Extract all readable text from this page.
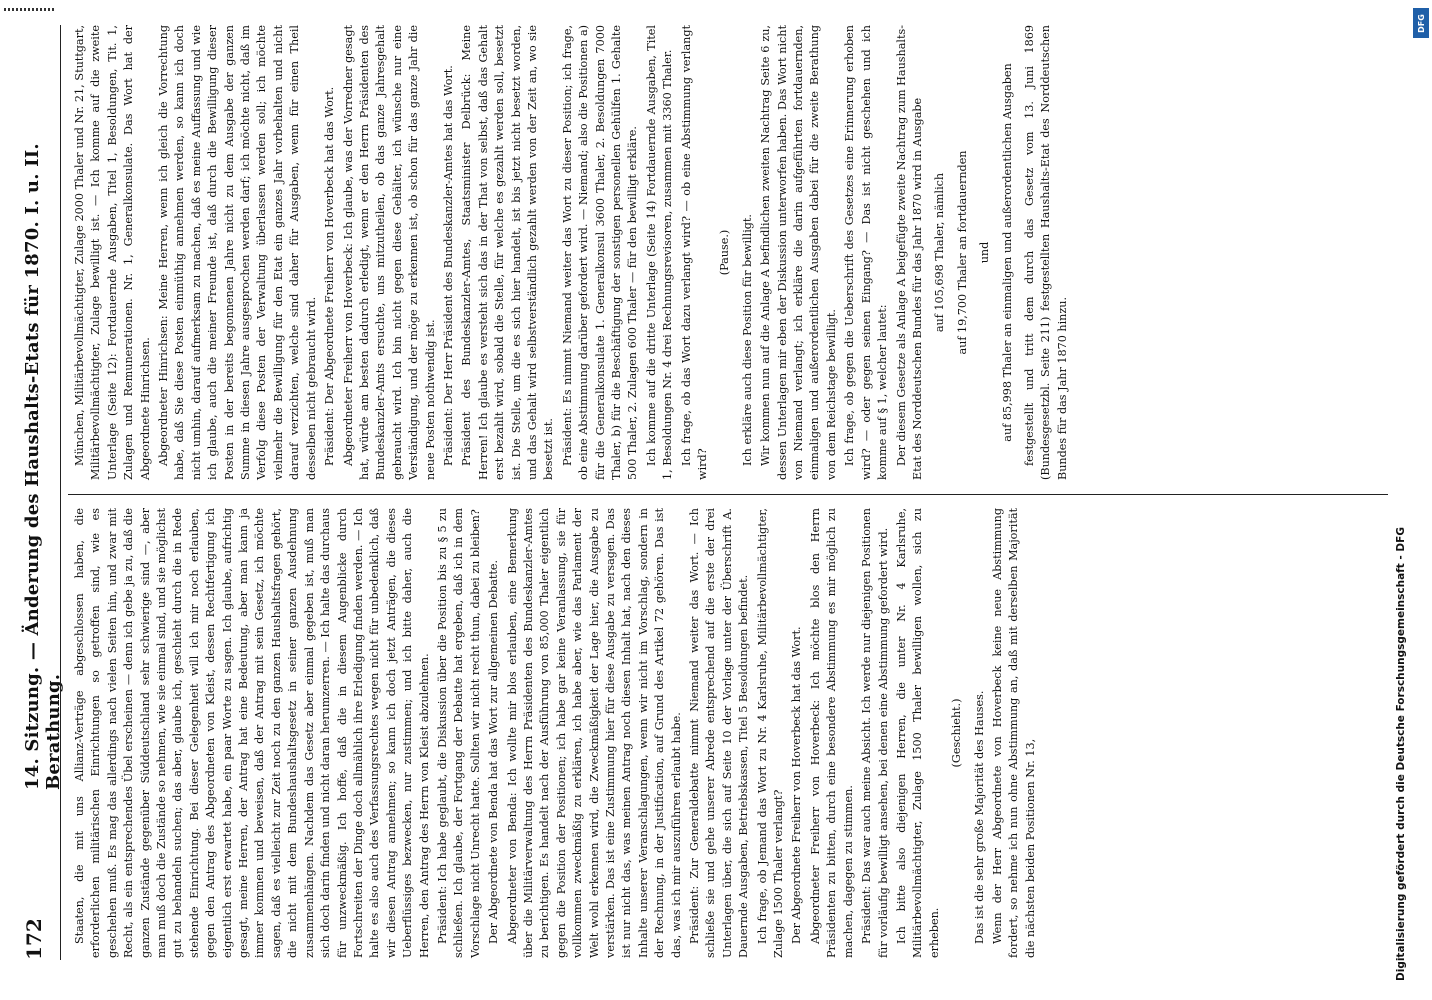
172
14. Sitzung. — Änderung des Haushalts-Etats für 1870. I. u. II. Berathung. Staaten, die mit uns Allianz-Verträge abgeschlossen haben, die erforderlichen militärischen Einrichtungen so getroffen sind, wie es geschehen muß. Es mag das allerdings nach vielen Seiten hin, und zwar mit Recht, als ein entsprechendes Übel erscheinen — denn ich gebe ja zu, daß die ganzen Zustände gegenüber Süddeutschland sehr schwierige sind —, aber man muß doch die Zustände so nehmen, wie sie einmal sind, und sie möglichst gut zu behandeln suchen; das aber, glaube ich, geschieht durch die in Rede stehende Einrichtung. Bei dieser Gelegenheit will ich mir noch erlauben, gegen den Antrag des Abgeordneten von Kleist, dessen Rechtfertigung ich eigentlich erst erwartet habe, ein paar Worte zu sagen. Ich glaube, aufrichtig gesagt, meine Herren, der Antrag hat eine Bedeutung, aber man kann ja immer kommen und beweisen, daß der Antrag mit sein Gesetz, ich möchte sagen, daß es vielleicht zur Zeit noch zu den ganzen Haushaltsfragen gehört, die nicht mit dem Bundeshaushaltsgesetz in seiner ganzen Ausdehnung zusammenhängen. Nachdem das Gesetz aber einmal gegeben ist, muß man sich doch darin finden und nicht daran herumzerren. — Ich halte das durchaus für unzweckmäßig. Ich hoffe, daß die in diesem Augenblicke durch Fortschreiten der Dinge doch allmählich ihre Erledigung finden werden. — Ich halte es also auch des Verfassungsrechtes wegen nicht für unbedenklich, daß wir diesen Antrag annehmen; so kann ich doch jetzt Anträgen, die dieses Ueberflüssiges bezwecken, nur zustimmen; und ich bitte daher, auch die Herren, den Antrag des Herrn von Kleist abzulehnen. Präsident: Ich habe geglaubt, die Diskussion über die Position bis zu § 5 zu schließen. Ich glaube, der Fortgang der Debatte hat ergeben, daß ich in dem Vorschlage nicht Unrecht hatte. Sollten wir nicht recht thun, dabei zu bleiben? Der Abgeordnete von Benda hat das Wort zur allgemeinen Debatte. Abgeordneter von Benda: Ich wollte mir blos erlauben, eine Bemerkung über die Militärverwaltung des Herrn Präsidenten des Bundeskanzler-Amtes zu berichtigen. Es handelt nach der Ausführung von 85,000 Thaler eigentlich gegen die Position der Positionen; ich habe gar keine Veranlassung, sie für vollkommen zweckmäßig zu erklären, ich habe aber, wie das Parlament der Welt wohl erkennen wird, die Zweckmäßigkeit der Lage hier, die Ausgabe zu verstärken. Das ist eine Zustimmung hier für diese Ausgabe zu versagen. Das ist nur nicht das, was meinen Antrag noch diesen Inhalt hat, nach den dieses Inhalte unserer Veranschlagungen, wenn wir nicht im Vorschlag, sondern in der Rechnung, in der Justification, auf Grund des Artikel 72 gehören. Das ist das, was ich mir auszuführen erlaubt habe. Präsident: Zur Generaldebatte nimmt Niemand weiter das Wort. — Ich schließe sie und gehe unserer Abrede entsprechend auf die erste der drei Unterlagen über, die sich auf Seite 10 der Vorlage unter der Überschrift A. Dauernde Ausgaben, Betriebskassen, Titel 5 Besoldungen befindet. Ich frage, ob Jemand das Wort zu Nr. 4 Karlsruhe, Militärbevollmächtigter, Zulage 1500 Thaler verlangt? Der Abgeordnete Freiherr von Hoverbeck hat das Wort. Abgeordneter Freiherr von Hoverbeck: Ich möchte blos den Herrn Präsidenten zu bitten, durch eine besondere Abstimmung es mir möglich zu machen, dagegen zu stimmen. Präsident: Das war auch meine Absicht. Ich werde nur diejenigen Positionen für vorläufig bewilligt ansehen, bei denen eine Abstimmung gefordert wird. Ich bitte also diejenigen Herren, die unter Nr. 4 Karlsruhe, Militärbevollmächtigter, Zulage 1500 Thaler bewilligen wollen, sich zu erheben.

(Geschieht.) Das ist die sehr große Majorität des Hauses. Wenn der Herr Abgeordnete von Hoverbeck keine neue Abstimmung fordert, so nehme ich nun ohne Abstimmung an, daß mit derselben Majorität die nächsten beiden Positionen Nr. 13,

München, Militärbevollmächtigter, Zulage 2000 Thaler und Nr. 21, Stuttgart, Militärbevollmächtigter, Zulage bewilligt ist. — Ich komme auf die zweite Unterlage (Seite 12): Fortdauernde Ausgaben, Titel 1, Besoldungen, Tit. 1, Zulagen und Remunerationen. Nr. 1, Generalkonsulate. Das Wort hat der Abgeordnete Hinrichsen. Abgeordneter Hinrichsen: Meine Herren, wenn ich gleich die Vorrechtung habe, daß Sie diese Posten einmüthig annehmen werden, so kann ich doch nicht umhin, darauf aufmerksam zu machen, daß es meine Auffassung und wie ich glaube, auch die meiner Freunde ist, daß durch die Bewilligung dieser Posten in der bereits begonnenen Jahre nicht zu dem Ausgabe der ganzen Summe in diesen Jahre ausgesprochen werden darf; ich möchte nicht, daß im Verfolg diese Posten der Verwaltung überlassen werden soll; ich möchte vielmehr die Bewilligung für den Etat ein ganzes Jahr vorbehalten und nicht darauf verzichten, welche sind daher für Ausgaben, wenn für einen Theil desselben nicht gebraucht wird. Präsident: Der Abgeordnete Freiherr von Hoverbeck hat das Wort. Abgeordneter Freiherr von Hoverbeck: Ich glaube, was der Vorredner gesagt hat, würde am besten dadurch erledigt, wenn er den Herrn Präsidenten des Bundeskanzler-Amts ersuchte, uns mitzutheilen, ob das ganze Jahresgehalt gebraucht wird. Ich bin nicht gegen diese Gehälter, ich wünsche nur eine Verständigung, und der möge zu erkennen ist, ob schon für das ganze Jahr die neue Posten nothwendig ist. Präsident: Der Herr Präsident des Bundeskanzler-Amtes hat das Wort. Präsident des Bundeskanzler-Amtes, Staatsminister Delbrück: Meine Herren! Ich glaube es versteht sich das in der That von selbst, daß das Gehalt erst bezahlt wird, sobald die Stelle, für welche es gezahlt werden soll, besetzt ist. Die Stelle, um die es sich hier handelt, ist bis jetzt nicht besetzt worden, und das Gehalt wird selbstverständlich gezahlt werden von der Zeit an, wo sie besetzt ist. Präsident: Es nimmt Niemand weiter das Wort zu dieser Position; ich frage, ob eine Abstimmung darüber gefordert wird. — Niemand; also die Positionen a) für die Generalkonsulate 1. Generalkonsul 3600 Thaler, 2. Besoldungen 7000 Thaler, b) für die Beschäftigung der sonstigen personellen Gehülfen 1. Gehalte 500 Thaler, 2. Zulagen 600 Thaler — für den bewilligt erkläre. Ich komme auf die dritte Unterlage (Seite 14) Fortdauernde Ausgaben, Titel 1, Besoldungen Nr. 4 drei Rechnungsrevisoren, zusammen mit 3360 Thaler. Ich frage, ob das Wort dazu verlangt wird? — ob eine Abstimmung verlangt wird?

(Pause.) Ich erkläre auch diese Position für bewilligt. Wir kommen nun auf die Anlage A befindlichen zweiten Nachtrag Seite 6 zu, dessen Unterlagen mir eben der Diskussion unterworfen haben. Das Wort nicht von Niemand verlangt; ich erkläre die darin aufgeführten fortdauernden, einmaligen und außerordentlichen Ausgaben dabei für die zweite Berathung von dem Reichstage bewilligt. Ich frage, ob gegen die Ueberschrift des Gesetzes eine Erinnerung erhoben wird? — oder gegen seinen Eingang? — Das ist nicht geschehen und ich komme auf § 1, welcher lautet: Der diesem Gesetze als Anlage A beigefügte zweite Nachtrag zum Haushalts-Etat des Norddeutschen Bundes für das Jahr 1870 wird in Ausgabe auf 105,698 Thaler, nämlich auf 19,700 Thaler an fortdauernden und auf 85,998 Thaler an einmaligen und außerordentlichen Ausgaben festgestellt und tritt dem durch das Gesetz vom 13. Juni 1869 (Bundesgesetzbl. Seite 211) festgestellten Haushalts-Etat des Norddeutschen Bundes für das Jahr 1870 hinzu.

Digitalisierung gefördert durch die Deutsche Forschungsgemeinschaft - DFG
DFG
